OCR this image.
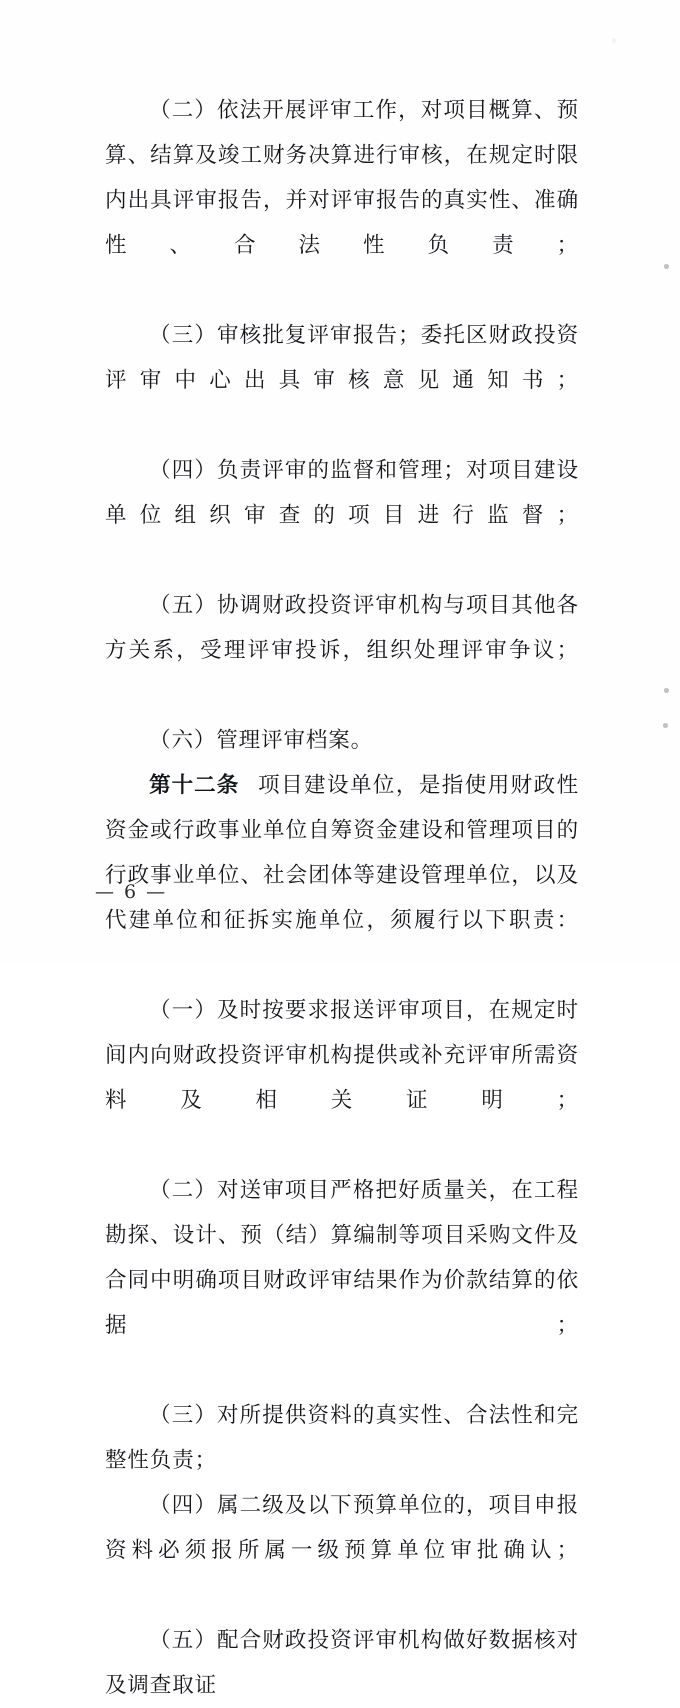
（二）依法开展评审工作，对项目概算、预算、结算及竣工财务决算进行审核，在规定时限内出具评审报告，并对评审报告的真实性、准确性、合法性负责；

（三）审核批复评审报告；委托区财政投资评审中心出具审核意见通知书；

（四）负责评审的监督和管理；对项目建设单位组织审查的项目进行监督；

（五）协调财政投资评审机构与项目其他各方关系，受理评审投诉，组织处理评审争议；

（六）管理评审档案。

第十二条 项目建设单位，是指使用财政性资金或行政事业单位自筹资金建设和管理项目的行政事业单位、社会团体等建设管理单位，以及代建单位和征拆实施单位，须履行以下职责：

（一）及时按要求报送评审项目，在规定时间内向财政投资评审机构提供或补充评审所需资料及相关证明；

（二）对送审项目严格把好质量关，在工程勘探、设计、预（结）算编制等项目采购文件及合同中明确项目财政评审结果作为价款结算的依据；

（三）对所提供资料的真实性、合法性和完整性负责；

（四）属二级及以下预算单位的，项目申报资料必须报所属一级预算单位审批确认；

（五）配合财政投资评审机构做好数据核对及调查取证

— 6 —
